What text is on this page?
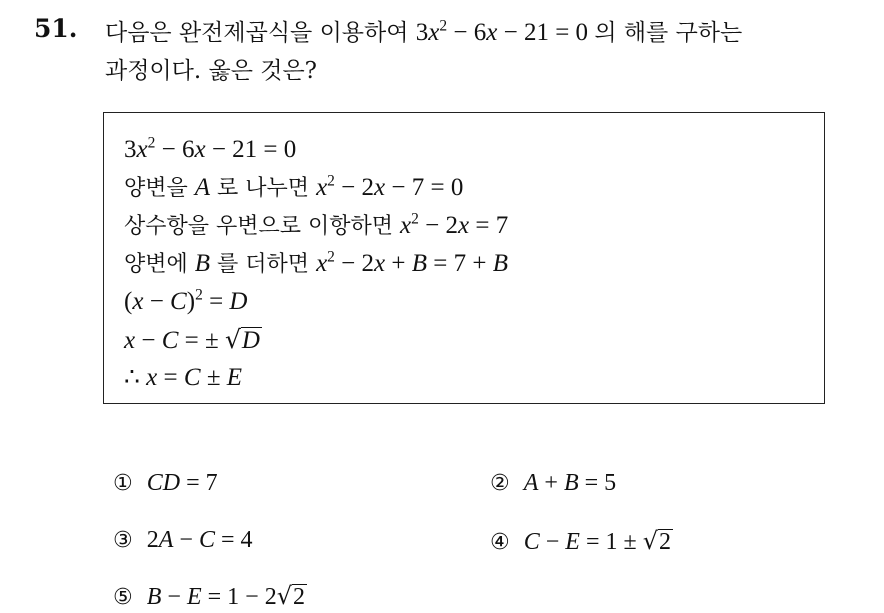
51. 다음은 완전제곱식을 이용하여 $3x^2 - 6x - 21 = 0$ 의 해를 구하는
과정이다. 옳은 것은?
$3x^2 - 6x - 21 = 0$
양변을 A 로 나누면 $x^2 - 2x - 7 = 0$
상수항을 우변으로 이항하면 $x^2 - 2x = 7$
양변에 B 를 더하면 $x^2 - 2x + B = 7 + B$
$(x - C)^2 = D$
x − C = ± √D
∴ x = C ± E
① CD = 7	② A + B = 5
③ 2A − C = 4	④ C − E = 1 ± √2
⑤ B − E = 1 − 2√2
